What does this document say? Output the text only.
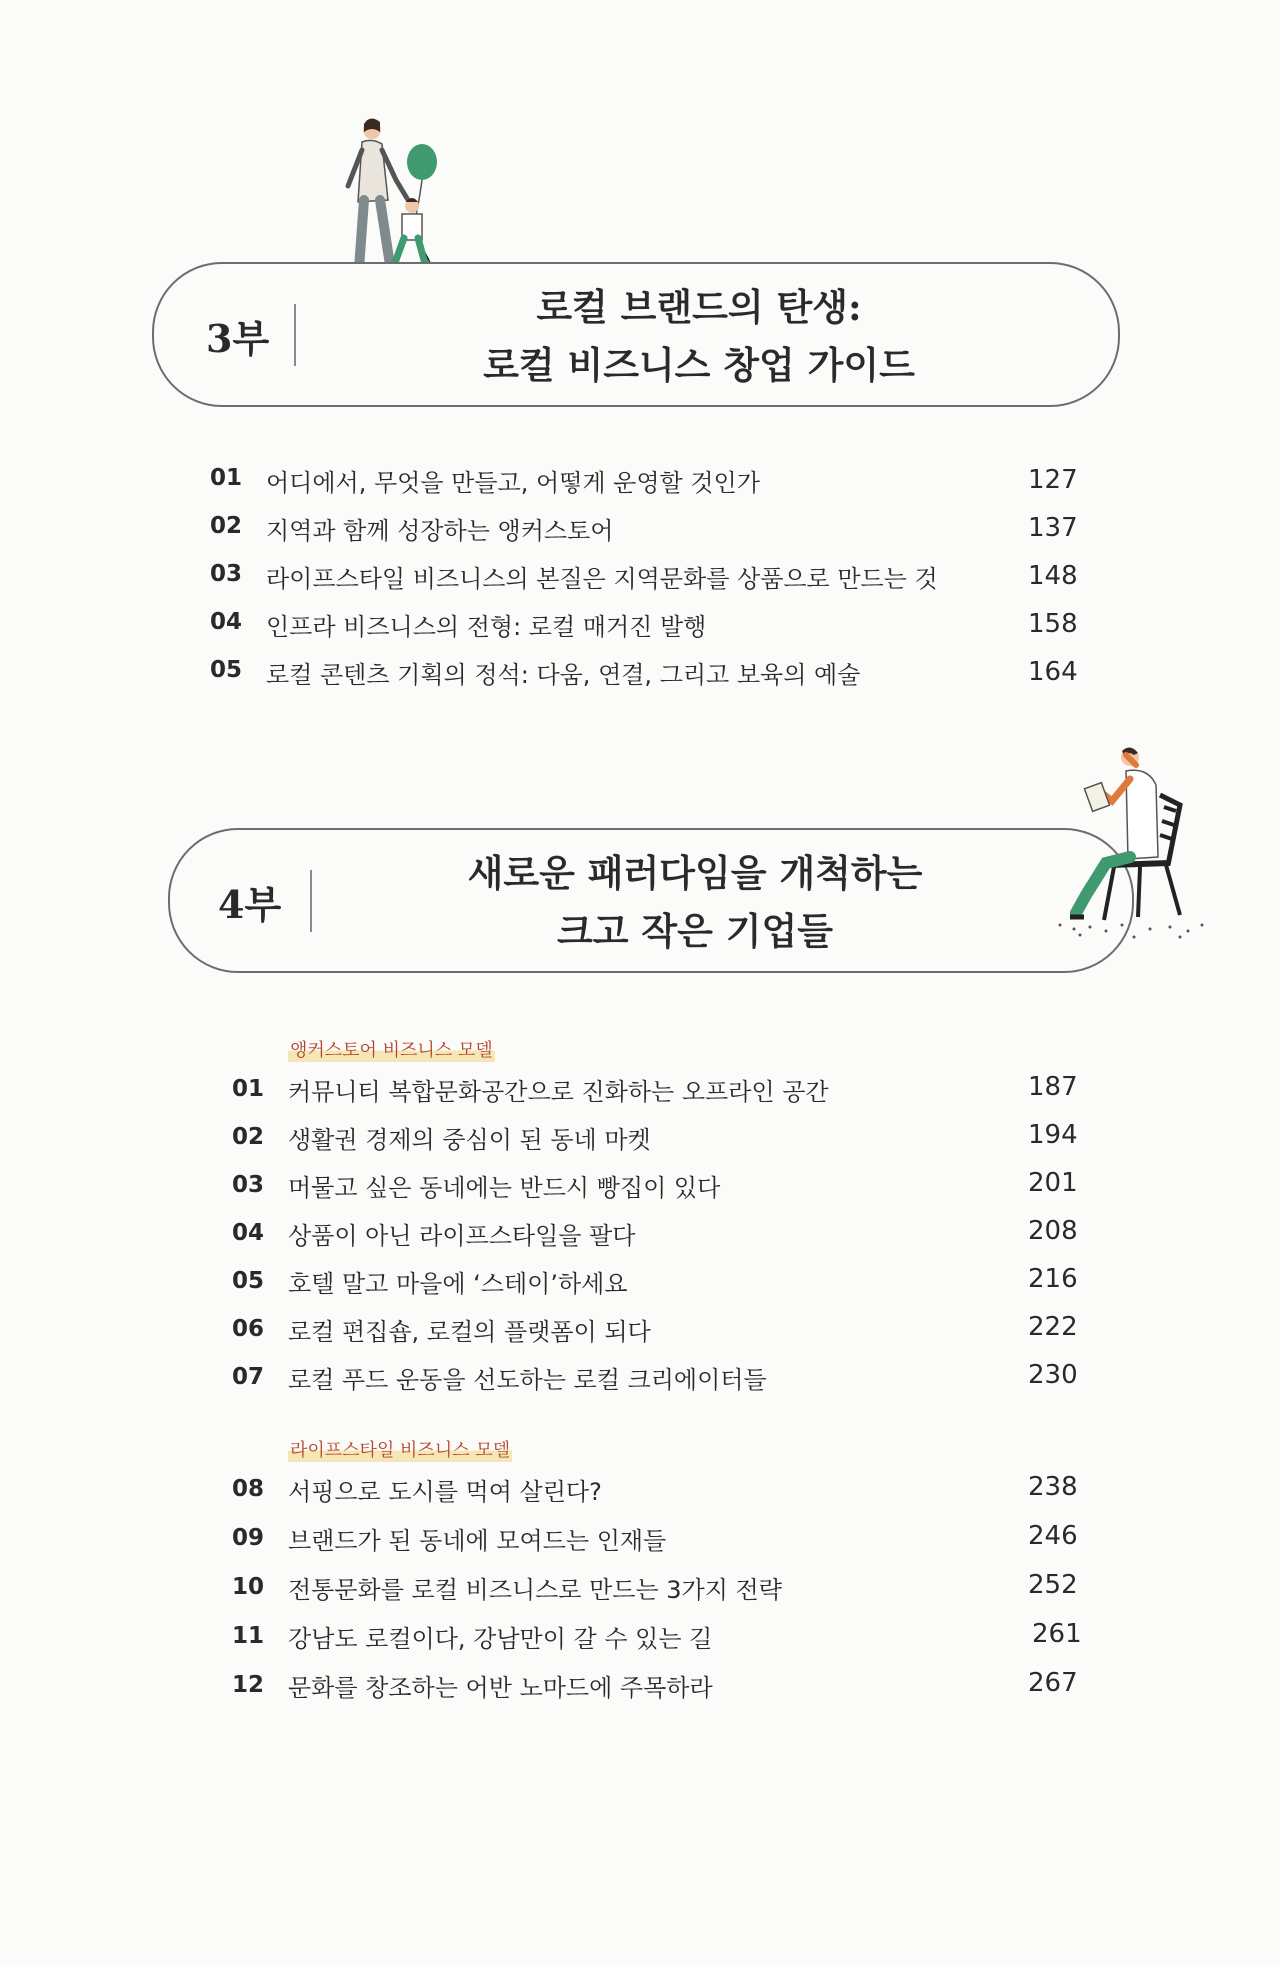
3부
로컬 브랜드의 탄생:
로컬 비즈니스 창업 가이드
01 어디에서, 무엇을 만들고, 어떻게 운영할 것인가	127
02 지역과 함께 성장하는 앵커스토어	137
03 라이프스타일 비즈니스의 본질은 지역문화를 상품으로 만드는 것	148
04 인프라 비즈니스의 전형: 로컬 매거진 발행	158
05 로컬 콘텐츠 기획의 정석: 다움, 연결, 그리고 보육의 예술	164
4부
새로운 패러다임을 개척하는
크고 작은 기업들
앵커스토어 비즈니스 모델
01 커뮤니티 복합문화공간으로 진화하는 오프라인 공간	187
02 생활권 경제의 중심이 된 동네 마켓	194
03 머물고 싶은 동네에는 반드시 빵집이 있다	201
04 상품이 아닌 라이프스타일을 팔다	208
05 호텔 말고 마을에 ‘스테이’하세요	216
06 로컬 편집숍, 로컬의 플랫폼이 되다	222
07 로컬 푸드 운동을 선도하는 로컬 크리에이터들	230
라이프스타일 비즈니스 모델
08 서핑으로 도시를 먹여 살린다?	238
09 브랜드가 된 동네에 모여드는 인재들	246
10 전통문화를 로컬 비즈니스로 만드는 3가지 전략	252
11 강남도 로컬이다, 강남만이 갈 수 있는 길	261
12 문화를 창조하는 어반 노마드에 주목하라	267
